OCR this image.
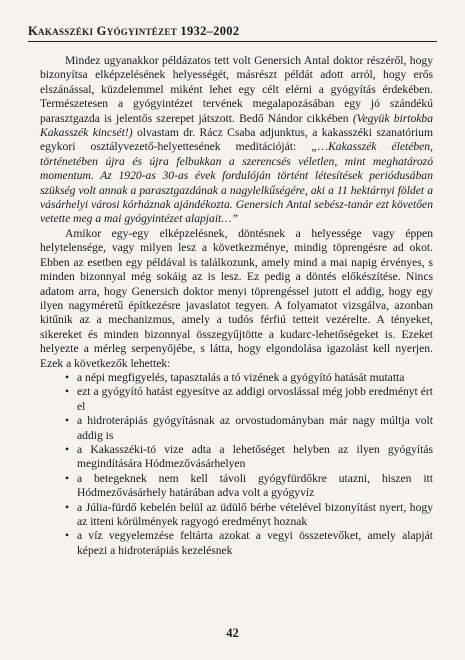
Kakasszéki Gyógyintézet 1932–2002

Mindez ugyanakkor példázatos tett volt Genersich Antal doktor részéről, hogy bizonyítsa elképzelésének helyességét, másrészt példát adott arról, hogy erős elszánással, küzdelemmel miként lehet egy célt elérni a gyógyítás érdekében. Természetesen a gyógyintézet tervének megalapozásában egy jó szándékú parasztgazda is jelentős szerepet játszott. Bedő Nándor cikkében (Vegyük birtokba Kakasszék kincsét!) olvastam dr. Rácz Csaba adjunktus, a kakasszéki szanatórium egykori osztályvezető-helyettesének meditációját: „…Kakasszék életében, történetében újra és újra felbukkan a szerencsés véletlen, mint meghatározó momentum. Az 1920-as 30-as évek fordulóján történt létesítések periódusában szükség volt annak a parasztgazdának a nagylelkűségére, aki a 11 hektárnyi földet a vásárhelyi városi kórháznak ajándékozta. Genersich Antal sebész-tanár ezt követően vetette meg a mai gyógyintézet alapjait…”

Amikor egy-egy elképzelésnek, döntésnek a helyessége vagy éppen helytelensége, vagy milyen lesz a következménye, mindig töprengésre ad okot. Ebben az esetben egy példával is találkozunk, amely mind a mai napig érvényes, s minden bizonnyal még sokáig az is lesz. Ez pedig a döntés előkészítése. Nincs adatom arra, hogy Genersich doktor menyi töprengéssel jutott el addig, hogy egy ilyen nagyméretű építkezésre javaslatot tegyen. A folyamatot vizsgálva, azonban kitűnik az a mechanizmus, amely a tudós férfiú tetteit vezérelte. A tényeket, sikereket és minden bizonnyal összegyűjtötte a kudarc-lehetőségeket is. Ezeket helyezte a mérleg serpenyőjébe, s látta, hogy elgondolása igazolást kell nyerjen. Ezek a következők lehettek:

• a népi megfigyelés, tapasztalás a tó vizének a gyógyító hatását mutatta
• ezt a gyógyító hatást egyesítve az addigi orvoslással még jobb eredményt ért el
• a hidroterápiás gyógyításnak az orvostudományban már nagy múltja volt addig is
• a Kakasszéki-tó vize adta a lehetőséget helyben az ilyen gyógyítás megindítására Hódmezővásárhelyen
• a betegeknek nem kell távoli gyógyfürdőkre utazni, hiszen itt Hódmezővásárhely határában adva volt a gyógyvíz
• a Júlia-fürdő kebelén belül az üdülő bérbe vételével bizonyítást nyert, hogy az itteni körülmények ragyogó eredményt hoznak
• a víz vegyelemzése feltárta azokat a vegyi összetevőket, amely alapját képezi a hidroterápiás kezelésnek
42
